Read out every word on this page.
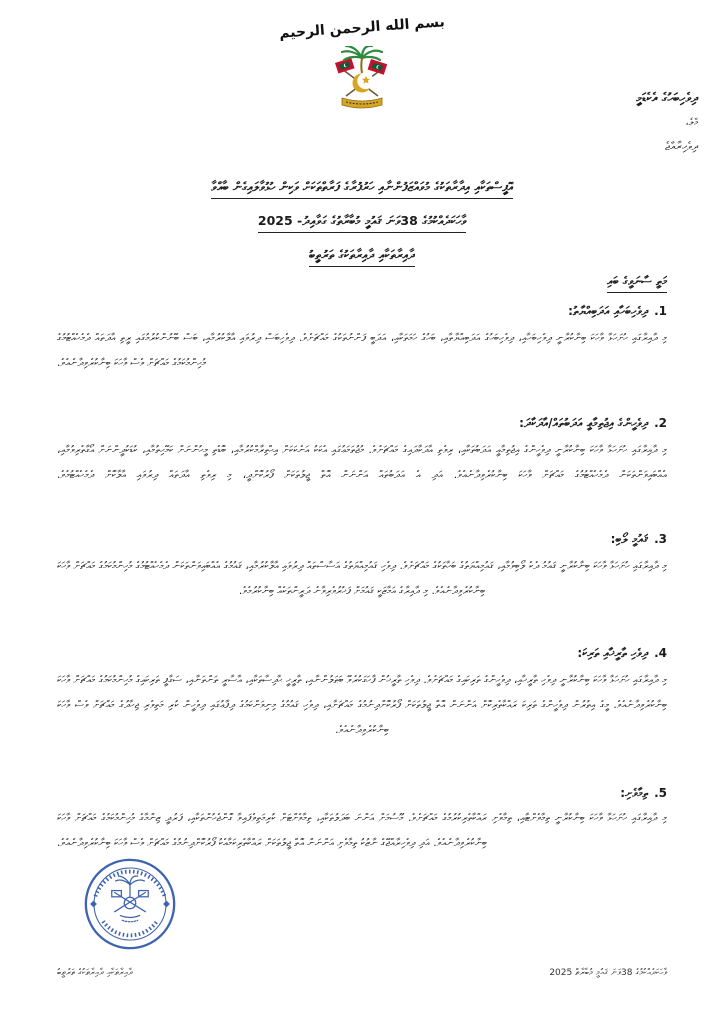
بسم الله الرحمن الرحيم
ދިވެހިބަހުގެ އެކެޑަމީ
މާލެ،
ދިވެހިރާއްޖެ
އޮފީސްތަކާއި އިދާރާތަކުގެ މުވައްޒަފުންނާއި ހަރުފުރާގެ ފަރާތްތަކަށް ވަކިން ހުޅުވާލައިގެން ބާއްވާ
ވާހަކަދެއްކުމުގެ 38ވަނަ ޤައުމީ މުބާރާތުގެ ގަވާއިދު- 2025
ދާއިރާތަކާއި ދާއިރާތަކުގެ ތަރުތީބު
މަތީ ސާނަވީގެ ބައި
1.ދިވެހިބަހާއި އަދަބިއްޔާތު:
މި ދާއިރާގައި ހުށަހަޅާ ވާހަކަ ބިނާކުރާނީ ދިވެހިބަހާއި، ދިވެހިބަހުގެ އަދަބިއްޔާތާއި، ބަހުގެ ހަމަތަކާއި، އަދަބީ ފަންނުތަކުގެ މައްޗަށެވެ. ދިވެހިބަސް ދިރުވައި އާލާކުރުމާއި، ބަސް ބޭނުންކުރުމުގައި ރީތި އާދަތައް ދެމެހެއްޓުމުގެ މުހިންމުކަމުގެ މައްޗަށް ވެސް ވާހަކަ ބިނާކުރެވިދާނެއެވެ.
2.ދިވެހީންގެ އިޖުތިމާޢީ އަދަބުތައް/އާދަކާދަ:
މި ދާއިރާގައި ހުށަހަޅާ ވާހަކަ ބިނާކުރާނީ ދިވެހީންގެ އިޖުތިމާޢީ އަދަބުތަކާއި، ރިވެތި އާދަކާދައިގެ މައްޗަށެވެ. މުޖުތަމަޢުގައި އެކަކު އަނެކަކަށް އިޙްތިރާމްކުރުމާއި، ބޮޑެތި މީހުންނަށް ކަމޭހިތުމާއި، ކުޑަކުދީންނަށް އޯގާތެރިވުމާއި، އެއްބައިވަންތަކަން ދެމެހެއްޓުމުގެ މައްޗަށް ވާހަކަ ބިނާކުރެވިދާނެއެވެ. އަދި އެ އަދަބުތައް އަންނަން އޮތް ޖީލުތަކަށް ފޯރުކޮށްދީ، މި ރިވެތި އާދަތައް ދިރުވައި އާލާކޮށް ދެމެހެއްޓުމެވެ.
3.ޤައުމީ ލޯބި:
މި ދާއިރާގައި ހުށަހަޅާ ވާހަކަ ބިނާކުރާނީ ޤައުމު ދެކެ ލޯބިވުމާއި، ޤައުމިއްޔަތުގެ ބަހާތަކުގެ މައްޗަށެވެ. ދިވެހި ޤައުމިއްޔަތުގެ އަސާސްތައް ދިރުވައި އާލާކުރުމާއި، ޤައުމުގެ އެއްބައިވަންތަކަން ދެމެހެއްޓުމުގެ މުހިންމުކަމުގެ މައްޗަށް ވާހަކަ ބިނާކުރެވިދާނެއެވެ. މި ދާއިރާގެ އަމާޒަކީ ޤައުމަށް ފަޚުރުވެރިވާނެ ދަރީންތަކެއް ބިނާކުރުމެވެ.
4.ދިވެހި ތާރީޚާއި ތަރިކަ:
މި ދާއިރާގައި ހުށަހަޅާ ވާހަކަ ބިނާކުރާނީ ދިވެހި ތާރީޚާއި، ދިވެހީންގެ ތަރިކައިގެ މައްޗަށެވެ. ދިވެހި ތާރީޚުން ފާހަގަކުރެވޭ ބަޠަލުންނާއި، ތާރީޚީ ޙާދިސާތަކާއި، އާސާރީ ތަންތަނާއި، ސަގާފީ ތަރިކައިގެ މުހިންމުކަމުގެ މައްޗަށް ވާހަކަ ބިނާކުރެވިދާނެއެވެ. މީގެ އިތުރުން ދިވެހީންގެ ތަރިކަ ރައްކާތެރިކޮށް އަންނަން އޮތް ޖީލުތަކަށް ފޯރުކޮށްދިނުމުގެ މައްޗަށާއި، ދިވެހި ޤައުމުގެ މިނިވަންކަމުގެ ދިފާޢުގައި ދިވެހީން ކުރި މަތިވެރި ޖިހާދުގެ މައްޗަށް ވެސް ވާހަކަ ބިނާކުރެވިދާނެއެވެ.
5.ތިމާވެށި:
މި ދާއިރާގައި ހުށަހަޅާ ވާހަކަ ބިނާކުރާނީ ތިމާވެށްޓާއި، ތިމާވެށި ރައްކާތެރިކުރުމުގެ މައްޗަށެވެ. މޫސުމަށް އަންނަ ބަދަލުތަކާއި، ތިމާވެށްޓަށް ކުރިމަތިވެފައިވާ ގޮންޖެހުންތަކާއި، ފަރުދީ ޒިންމާގެ މުހިންމުކަމުގެ މައްޗަށް ވާހަކަ ބިނާކުރެވިދާނެއެވެ. އަދި ދިވެހިރާއްޖޭގެ ނާޒުކު ތިމާވެށި އަންނަން އޮތް ޖީލުތަކަށް ރައްކާތެރިކަމާއެކު ފޯރުކޮށްދިނުމުގެ މައްޗަށް ވެސް ވާހަކަ ބިނާކުރެވިދާނެއެވެ.
ދާއިރާތަކާއި ދާއިރާތަކުގެ ތަރުތީބު	ވާހަކަދެއްކުމުގެ 38ވަނަ ޤައުމީ މުބާރާތް 2025
